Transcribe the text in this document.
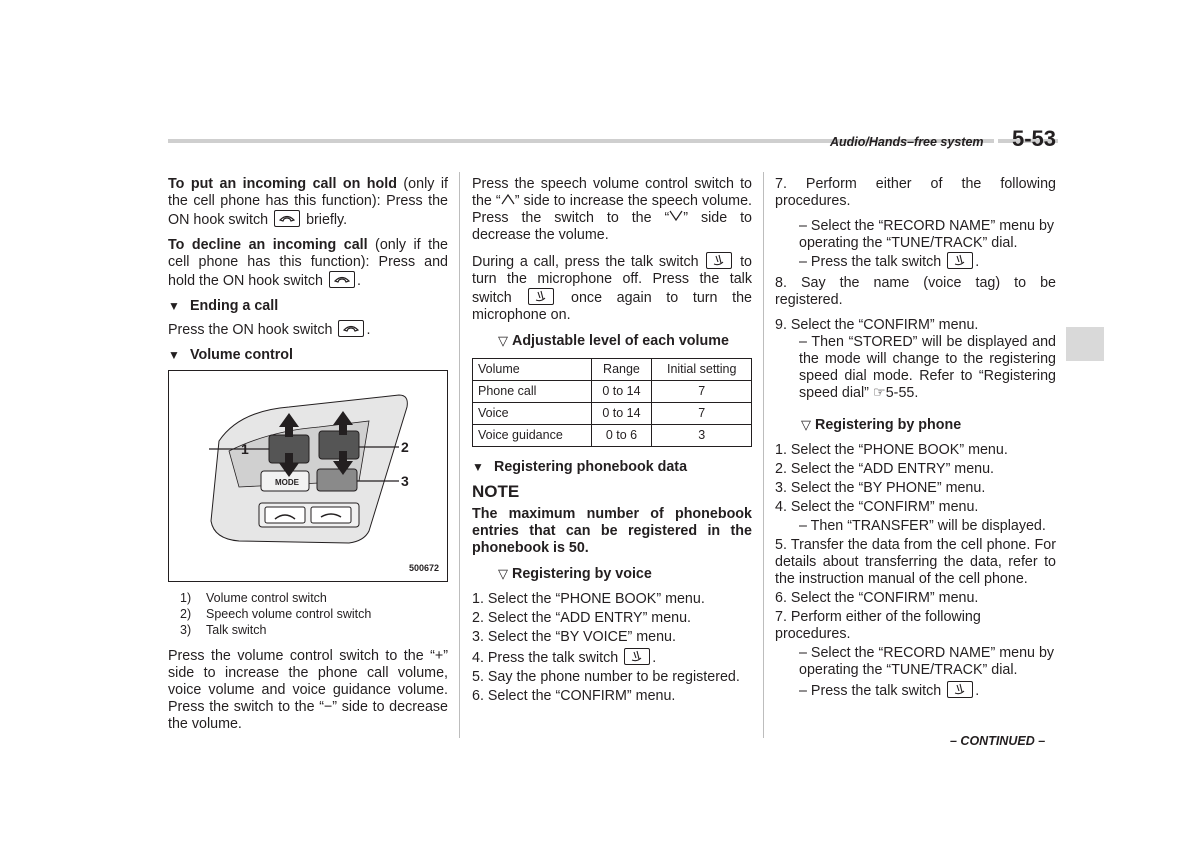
Audio/Hands–free system 5-53

To put an incoming call on hold (only if the cell phone has this function): Press the ON hook switch
briefly.

To decline an incoming call (only if the cell phone has this function): Press and hold the ON hook switch
.

▼ Ending a call

Press the ON hook switch
.

▼ Volume control
MODE
1	2
3
500672
1)	Volume control switch
2)	Speech volume control switch
3)	Talk switch

Press the volume control switch to the “+” side to increase the phone call volume, voice volume and voice guidance volume. Press the switch to the “−” side to decrease the volume.

Press the speech volume control switch to the “ ” side to increase the speech volume. Press the switch to the “ ” side to decrease the volume.

During a call, press the talk switch
to turn the microphone off. Press the talk switch
once again to turn the microphone on.

▽ Adjustable level of each volume
Volume	Range	Initial setting
Phone call	0 to 14	7
Voice	0 to 14	7
Voice guidance	0 to 6	3
▼ Registering phonebook data
NOTE
The maximum number of phonebook entries that can be registered in the phonebook is 50.
▽ Registering by voice
1. Select the “PHONE BOOK” menu.
2. Select the “ADD ENTRY” menu.
3. Select the “BY VOICE” menu.
4. Press the talk switch
.
5. Say the phone number to be registered.
6. Select the “CONFIRM” menu.

7. Perform either of the following procedures.

– Select the “RECORD NAME” menu by operating the “TUNE/TRACK” dial.
– Press the talk switch
.

8. Say the name (voice tag) to be registered.

9. Select the “CONFIRM” menu.
– Then “STORED” will be displayed and the mode will change to the registering speed dial mode. Refer to “Registering speed dial” ☞5-55.
▽ Registering by phone
1. Select the “PHONE BOOK” menu.
2. Select the “ADD ENTRY” menu.
3. Select the “BY PHONE” menu.
4. Select the “CONFIRM” menu.
– Then “TRANSFER” will be displayed.
5. Transfer the data from the cell phone. For details about transferring the data, refer to the instruction manual of the cell phone.
6. Select the “CONFIRM” menu.
7. Perform either of the following procedures.
– Select the “RECORD NAME” menu by operating the “TUNE/TRACK” dial.
– Press the talk switch
.
– CONTINUED –
